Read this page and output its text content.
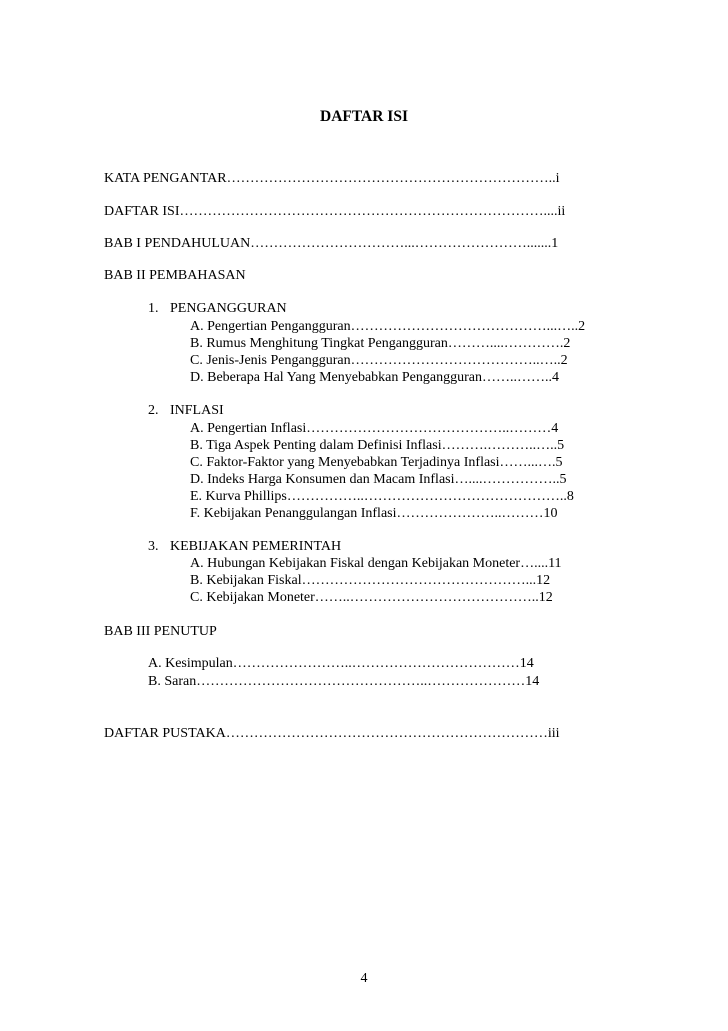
DAFTAR ISI
KATA PENGANTAR……………………………………………………………..i
DAFTAR ISI……………………………………………………………………....ii
BAB I PENDAHULUAN……………………………...…………………….......1
BAB II PEMBAHASAN
1. PENGANGGURAN
A. Pengertian Pengangguran……………………………………...…..2
B. Rumus Menghitung Tingkat Pengangguran………....………….2
C. Jenis-Jenis Pengangguran…………………………………..…..2
D. Beberapa Hal Yang Menyebabkan Pengangguran……..……..4
2. INFLASI
A. Pengertian Inflasi……………………………………..………4
B. Tiga Aspek Penting dalam Definisi Inflasi……….………..…..5
C. Faktor-Faktor yang Menyebabkan Terjadinya Inflasi……...….5
D. Indeks Harga Konsumen dan Macam Inflasi…....……………..5
E. Kurva Phillips……………..……………………………………..8
F. Kebijakan Penanggulangan Inflasi…………………..………10
3. KEBIJAKAN PEMERINTAH
A. Hubungan Kebijakan Fiskal dengan Kebijakan Moneter…....11
B. Kebijakan Fiskal…………………………………………...12
C. Kebijakan Moneter……..…………………………………..12
BAB III PENUTUP
A. Kesimpulan……………………..………………………………14
B. Saran…………………………………………..…………………14
DAFTAR PUSTAKA……………………………………………………………iii
4
